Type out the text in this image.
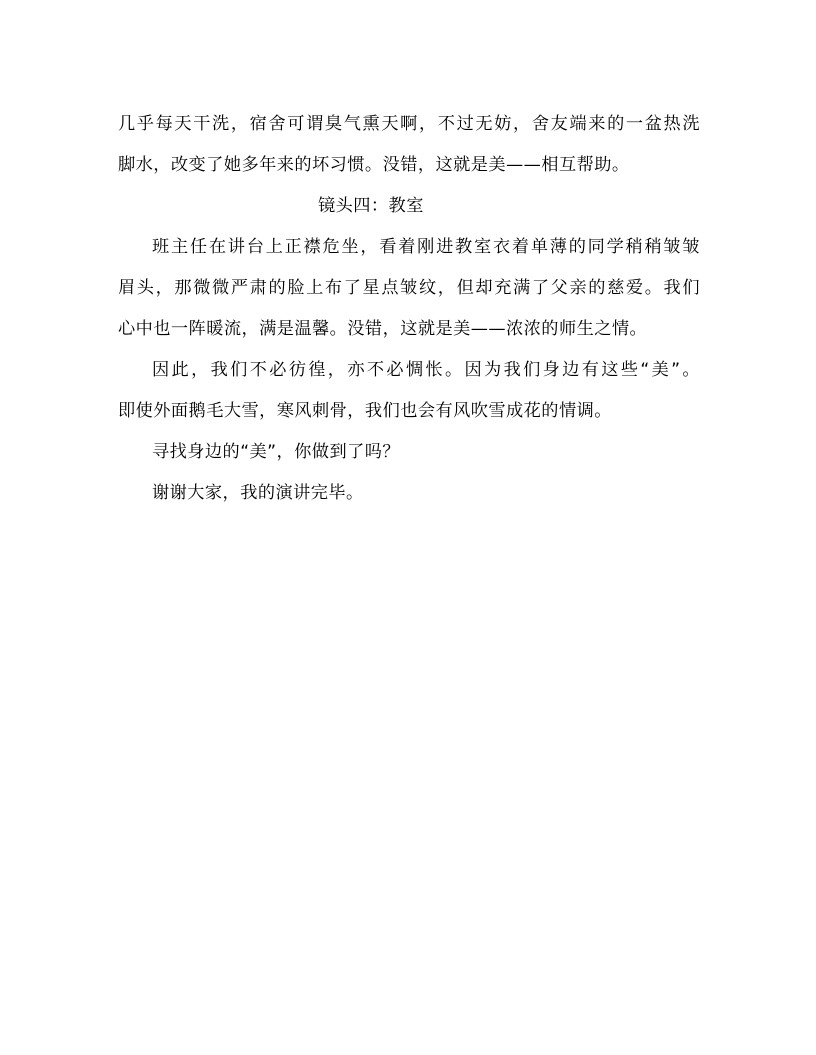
几乎每天干洗，宿舍可谓臭气熏天啊，不过无妨，舍友端来的一盆热洗
脚水，改变了她多年来的坏习惯。没错，这就是美——相互帮助。
镜头四：教室
班主任在讲台上正襟危坐，看着刚进教室衣着单薄的同学稍稍皱皱
眉头，那微微严肃的脸上布了星点皱纹，但却充满了父亲的慈爱。我们
心中也一阵暖流，满是温馨。没错，这就是美——浓浓的师生之情。
因此，我们不必彷徨，亦不必惆怅。因为我们身边有这些“美”。
即使外面鹅毛大雪，寒风刺骨，我们也会有风吹雪成花的情调。
寻找身边的“美”，你做到了吗？
谢谢大家，我的演讲完毕。
